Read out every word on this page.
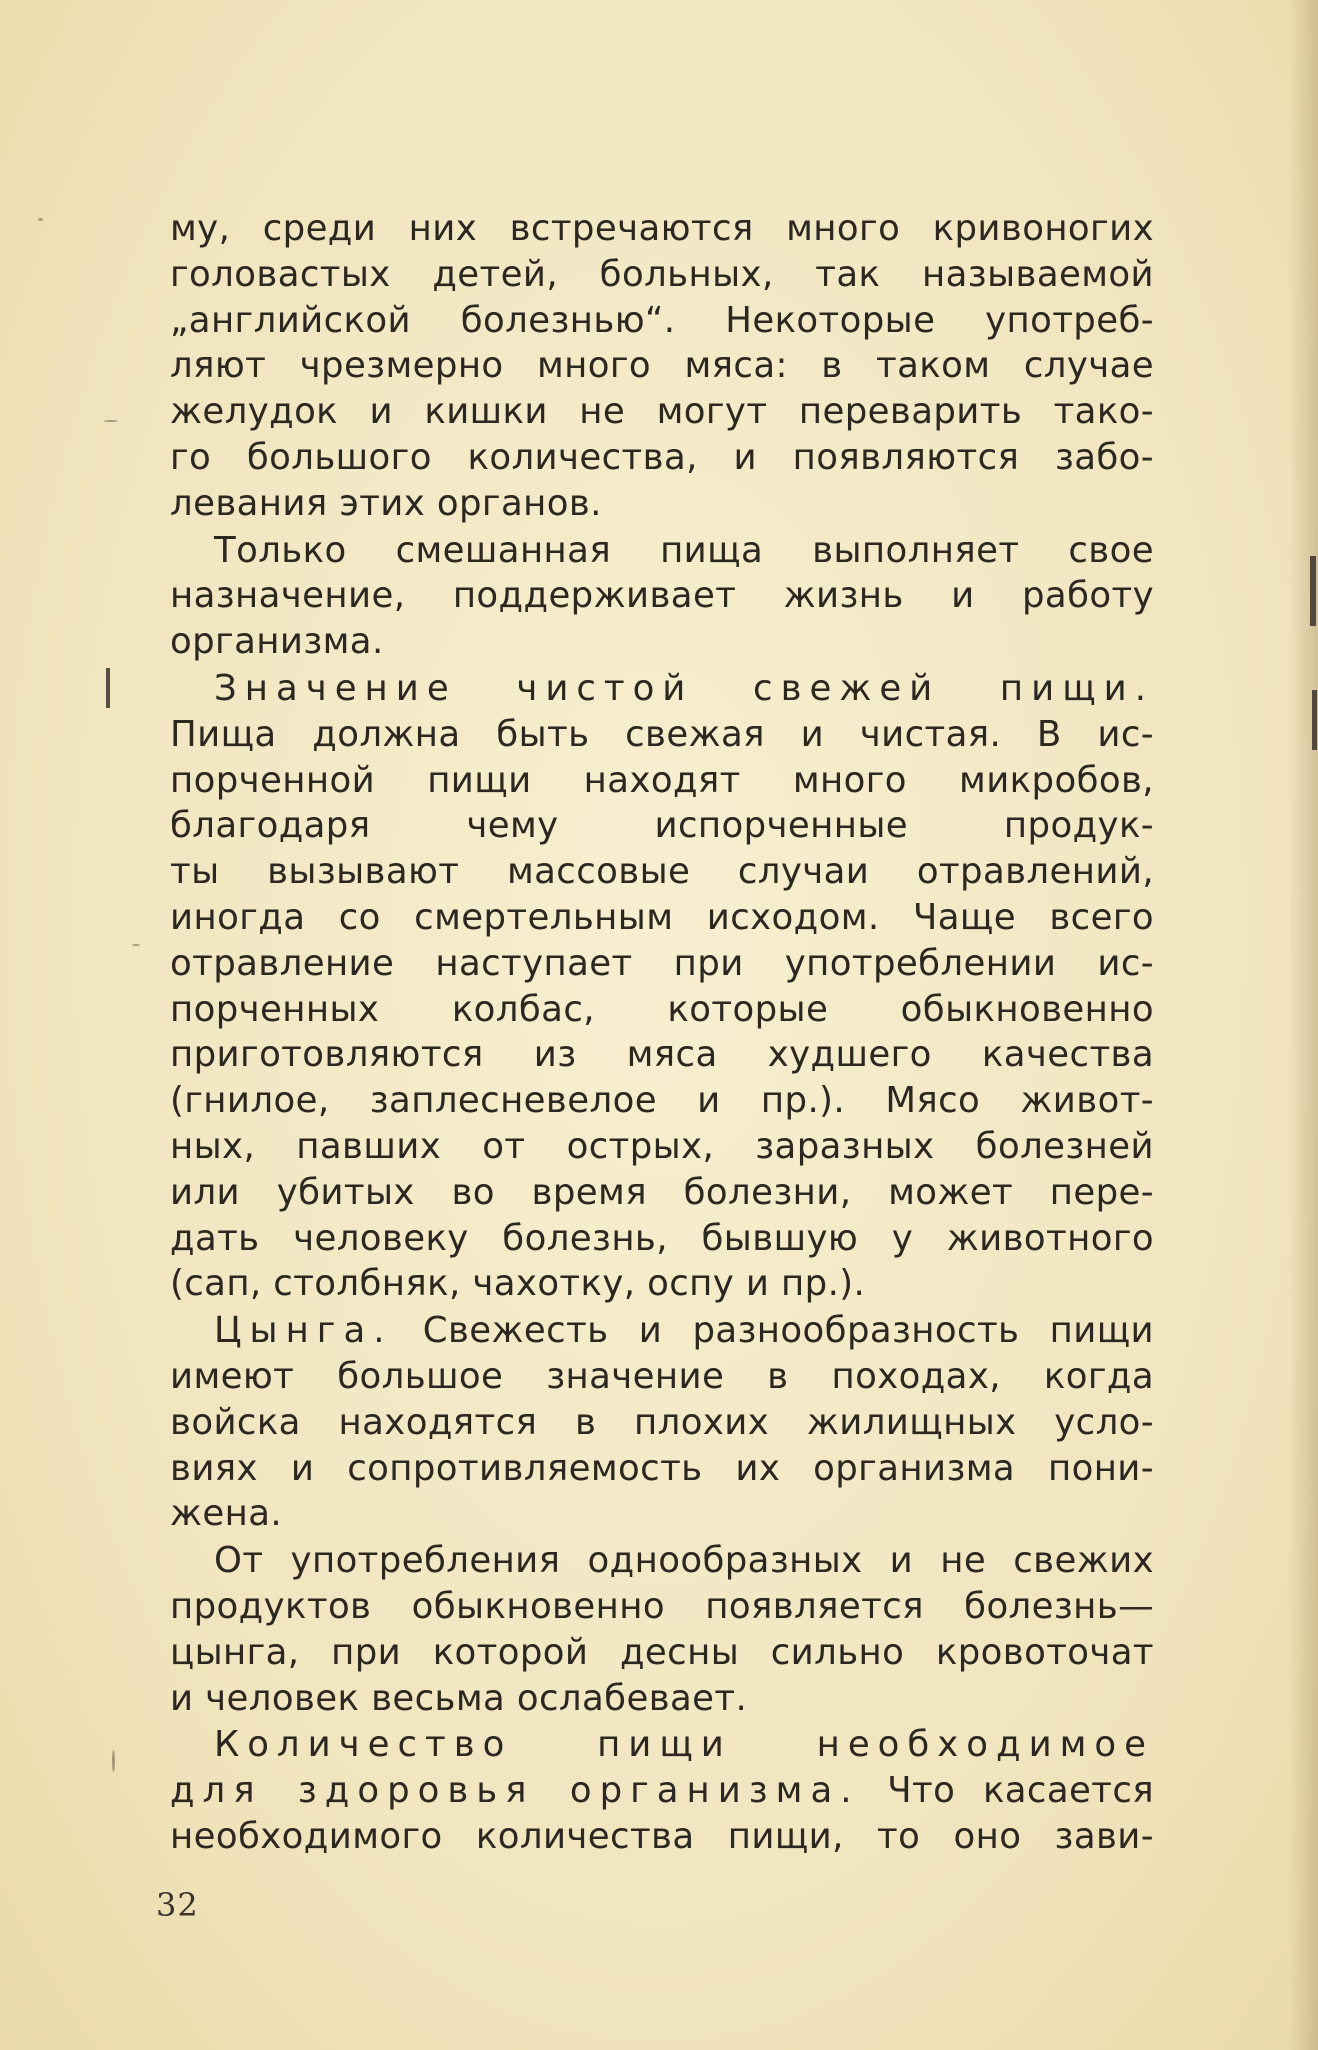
му, среди них встречаются много кривоногих
головастых детей, больных, так называемой
„английской болезнью“. Некоторые употреб-
ляют чрезмерно много мяса: в таком случае
желудок и кишки не могут переварить тако-
го большого количества, и появляются забо-
левания этих органов.
Только смешанная пища выполняет свое
назначение, поддерживает жизнь и работу
организма.
Значение чистой свежей пищи.
Пища должна быть свежая и чистая. В ис-
порченной пищи находят много микробов,
благодаря чему испорченные продук-
ты вызывают массовые случаи отравлений,
иногда со смертельным исходом. Чаще всего
отравление наступает при употреблении ис-
порченных колбас, которые обыкновенно
приготовляются из мяса худшего качества
(гнилое, заплесневелое и пр.). Мясо живот-
ных, павших от острых, заразных болезней
или убитых во время болезни, может пере-
дать человеку болезнь, бывшую у животного
(сап, столбняк, чахотку, оспу и пр.).
Цынга. Свежесть и разнообразность пищи
имеют большое значение в походах, когда
войска находятся в плохих жилищных усло-
виях и сопротивляемость их организма пони-
жена.
От употребления однообразных и не свежих
продуктов обыкновенно появляется болезнь—
цынга, при которой десны сильно кровоточат
и человек весьма ослабевает.
Количество пищи необходимое
для здоровья организма. Что касается
необходимого количества пищи, то оно зави-
32
